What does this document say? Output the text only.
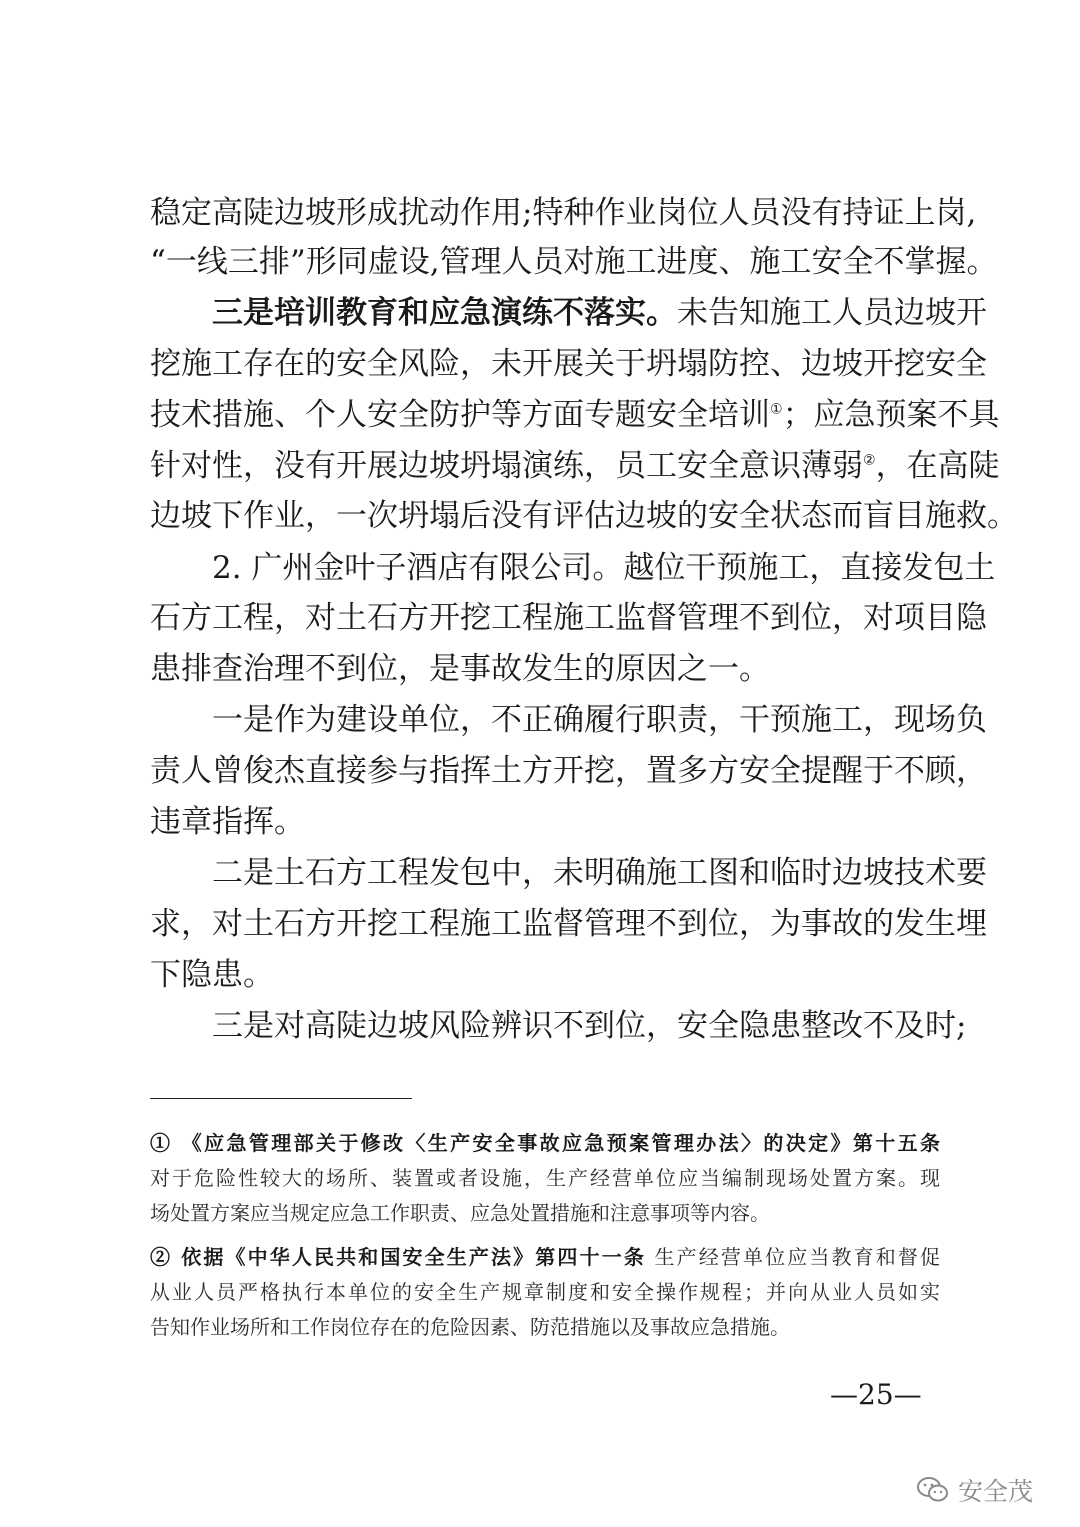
稳定高陡边坡形成扰动作用;特种作业岗位人员没有持证上岗,
“一线三排”形同虚设,管理人员对施工进度、施工安全不掌握。
三是培训教育和应急演练不落实。未告知施工人员边坡开
挖施工存在的安全风险，未开展关于坍塌防控、边坡开挖安全
技术措施、个人安全防护等方面专题安全培训①；应急预案不具
针对性，没有开展边坡坍塌演练，员工安全意识薄弱②，在高陡
边坡下作业，一次坍塌后没有评估边坡的安全状态而盲目施救。
2. 广州金叶子酒店有限公司。越位干预施工，直接发包土
石方工程，对土石方开挖工程施工监督管理不到位，对项目隐
患排查治理不到位，是事故发生的原因之一。
一是作为建设单位，不正确履行职责，干预施工，现场负
责人曾俊杰直接参与指挥土方开挖，置多方安全提醒于不顾，
违章指挥。
二是土石方工程发包中，未明确施工图和临时边坡技术要
求，对土石方开挖工程施工监督管理不到位，为事故的发生埋
下隐患。
三是对高陡边坡风险辨识不到位，安全隐患整改不及时;
① 《应急管理部关于修改〈生产安全事故应急预案管理办法〉的决定》第十五条
对于危险性较大的场所、装置或者设施，生产经营单位应当编制现场处置方案。现
场处置方案应当规定应急工作职责、应急处置措施和注意事项等内容。
② 依据《中华人民共和国安全生产法》第四十一条 生产经营单位应当教育和督促
从业人员严格执行本单位的安全生产规章制度和安全操作规程；并向从业人员如实
告知作业场所和工作岗位存在的危险因素、防范措施以及事故应急措施。
—25—
安全茂
